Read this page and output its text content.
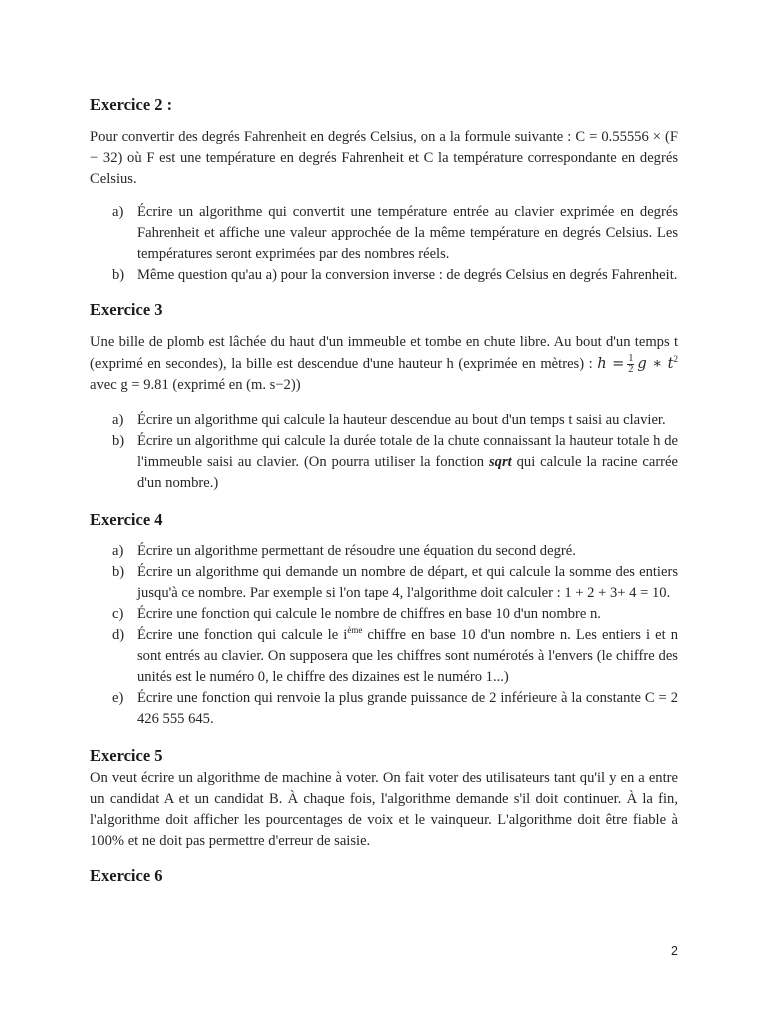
Exercice 2 :

Pour convertir des degrés Fahrenheit en degrés Celsius, on a la formule suivante : C = 0.55556 × (F − 32) où F est une température en degrés Fahrenheit et C la température correspondante en degrés Celsius.

a) Écrire un algorithme qui convertit une température entrée au clavier exprimée en degrés Fahrenheit et affiche une valeur approchée de la même température en degrés Celsius. Les températures seront exprimées par des nombres réels.
b) Même question qu'au a) pour la conversion inverse : de degrés Celsius en degrés Fahrenheit.
Exercice 3

Une bille de plomb est lâchée du haut d'un immeuble et tombe en chute libre. Au bout d'un temps t (exprimé en secondes), la bille est descendue d'une hauteur h (exprimée en mètres) : $h = \frac{1}{2}$ g ∗ $t^2$ avec g = 9.81 (exprimé en (m. s−2))

a) Écrire un algorithme qui calcule la hauteur descendue au bout d'un temps t saisi au clavier.
b) Écrire un algorithme qui calcule la durée totale de la chute connaissant la hauteur totale h de l'immeuble saisi au clavier. (On pourra utiliser la fonction sqrt qui calcule la racine carrée d'un nombre.)
Exercice 4
a) Écrire un algorithme permettant de résoudre une équation du second degré.
b) Écrire un algorithme qui demande un nombre de départ, et qui calcule la somme des entiers jusqu'à ce nombre. Par exemple si l'on tape 4, l'algorithme doit calculer : 1 + 2 + 3+ 4 = 10.
c) Écrire une fonction qui calcule le nombre de chiffres en base 10 d'un nombre n.
d) Écrire une fonction qui calcule le $i^{ème}$ chiffre en base 10 d'un nombre n. Les entiers i et n sont entrés au clavier. On supposera que les chiffres sont numérotés à l'envers (le chiffre des unités est le numéro 0, le chiffre des dizaines est le numéro 1...)
e) Écrire une fonction qui renvoie la plus grande puissance de 2 inférieure à la constante C = 2 426 555 645.
Exercice 5

On veut écrire un algorithme de machine à voter. On fait voter des utilisateurs tant qu'il y en a entre un candidat A et un candidat B. À chaque fois, l'algorithme demande s'il doit continuer. À la fin, l'algorithme doit afficher les pourcentages de voix et le vainqueur. L'algorithme doit être fiable à 100% et ne doit pas permettre d'erreur de saisie.

Exercice 6
2
